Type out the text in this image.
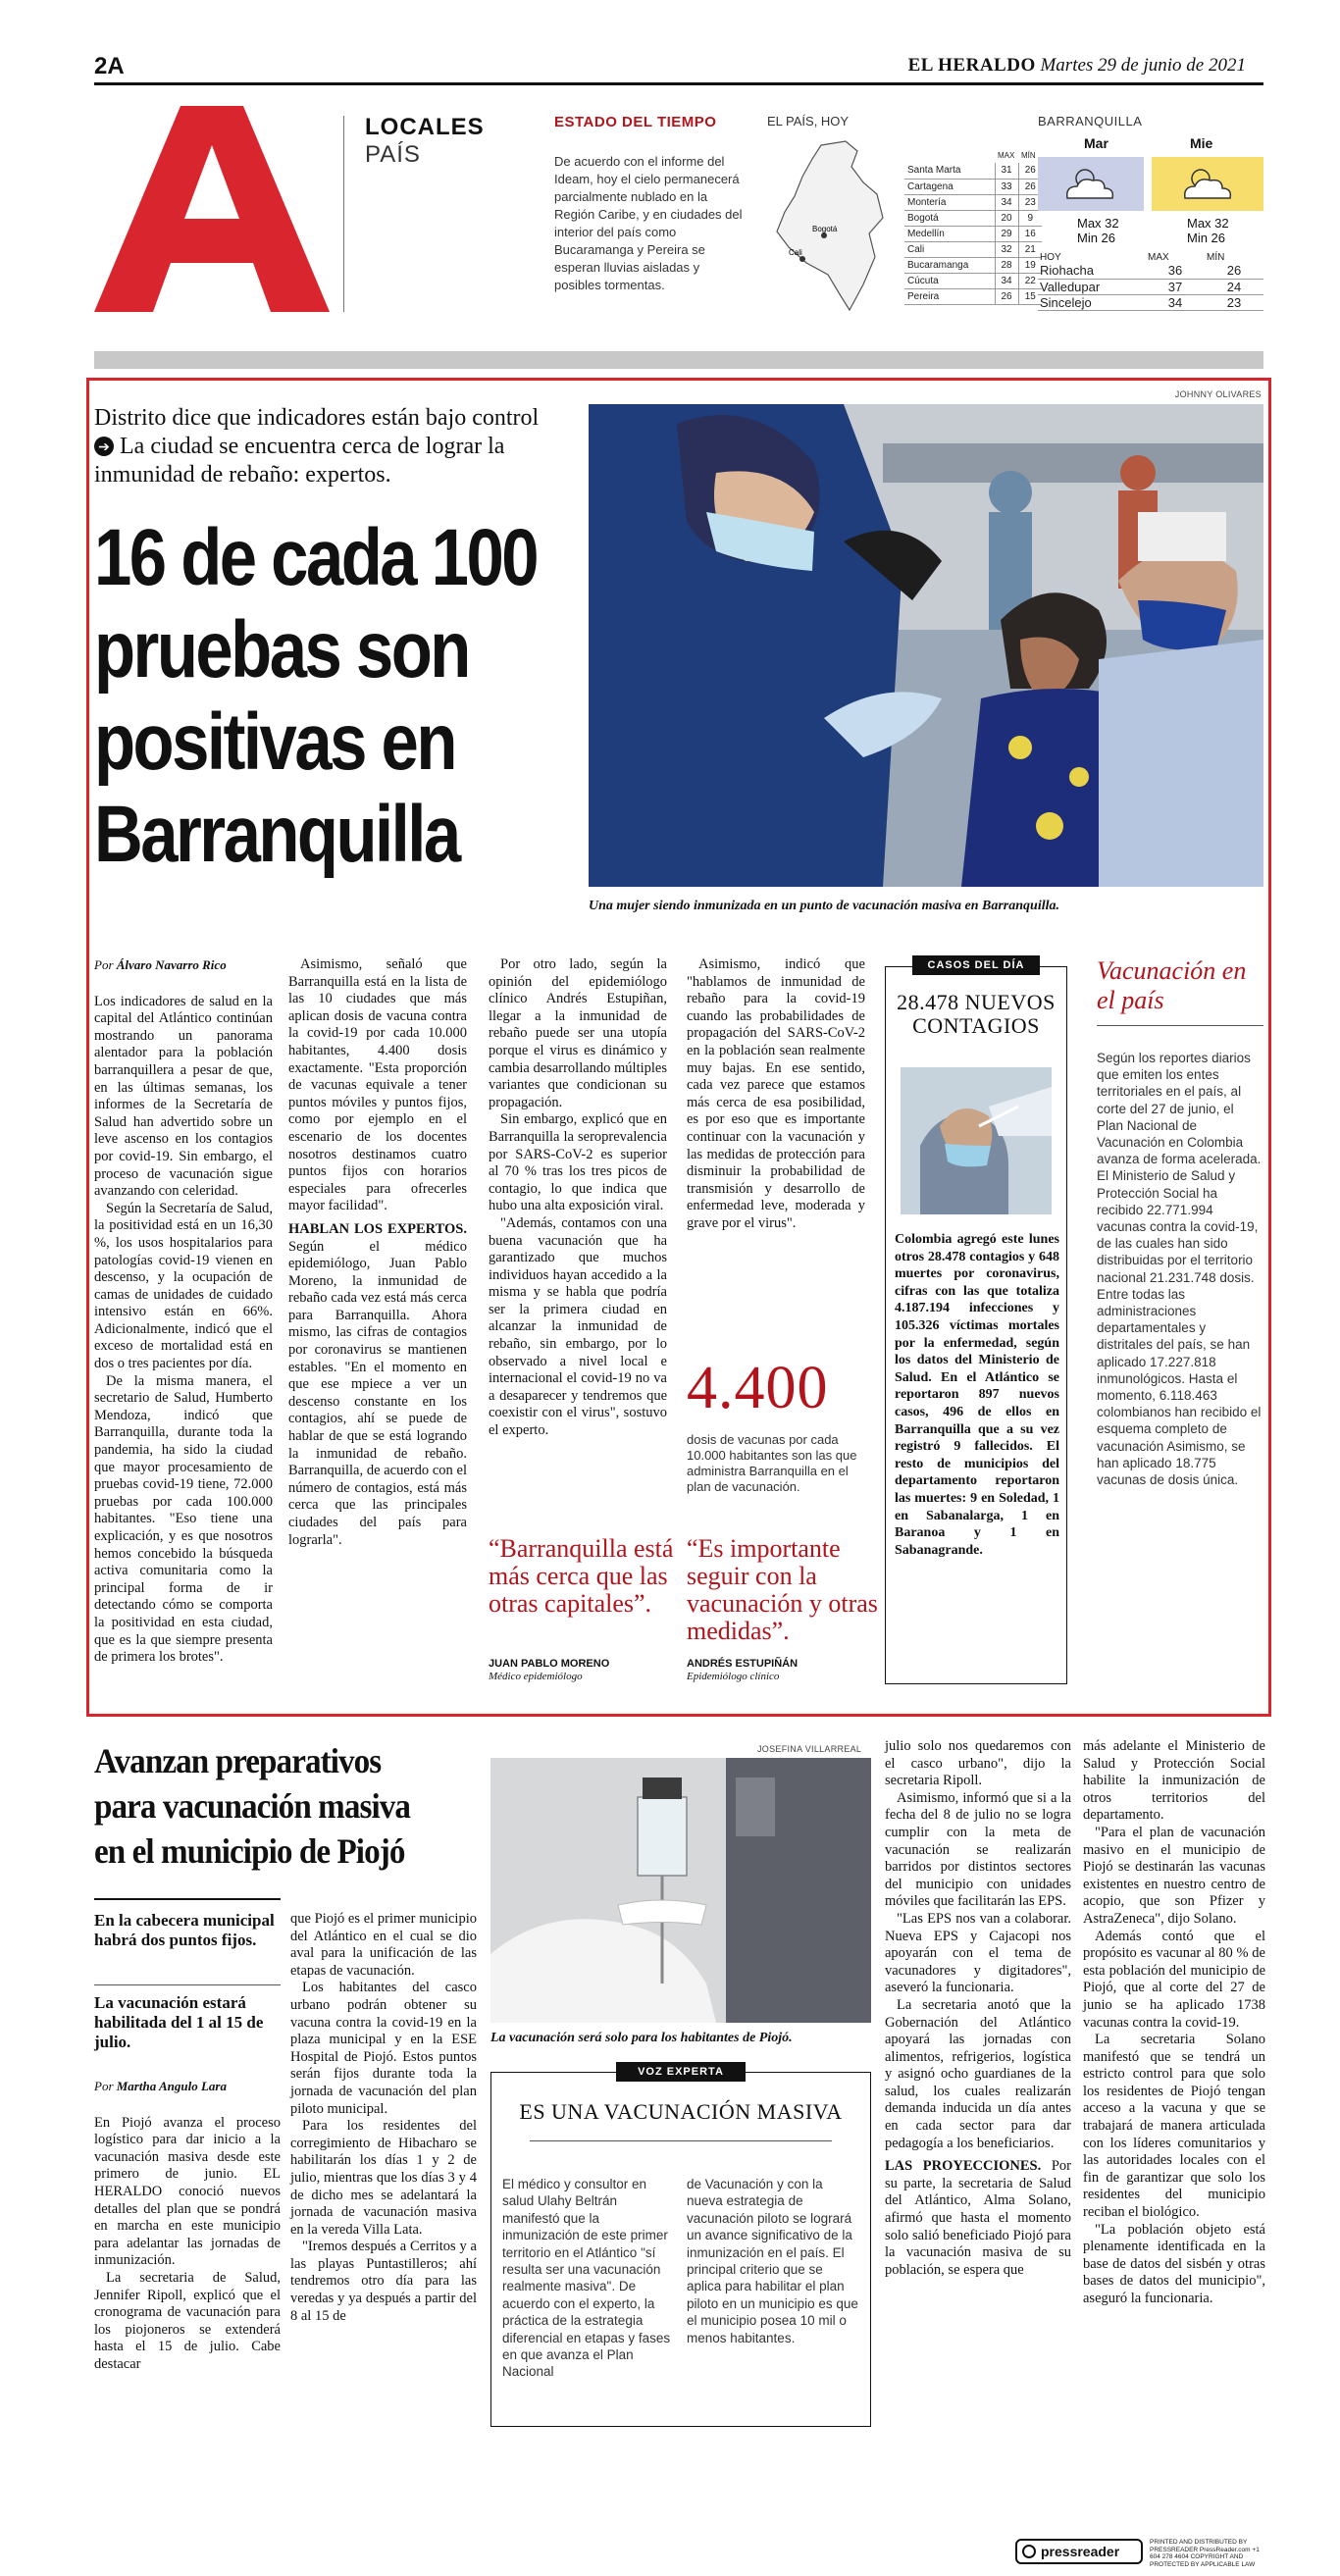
2A	EL HERALDO Martes 29 de junio de 2021
LOCALES
PAÍS
ESTADO DEL TIEMPO
De acuerdo con el informe del Ideam, hoy el cielo permanecerá parcialmente nublado en la Región Caribe, y en ciudades del interior del país como Bucaramanga y Pereira se esperan lluvias aisladas y posibles tormentas.
EL PAÍS, HOY
Bogotá
Cali
	MAX	MÍN
Santa Marta	31	26
Cartagena	33	26
Montería	34	23
Bogotá	20	9
Medellín	29	16
Cali	32	21
Bucaramanga	28	19
Cúcuta	34	22
Pereira	26	15
BARRANQUILLA
Mar	Mie
Max 32
Min 26
Max 32
Min 26
HOY	MAX	MÍN
Riohacha	36	26
Valledupar	37	24
Sincelejo	34	23
JOHNNY OLIVARES
Distrito dice que indicadores están bajo control ➔ La ciudad se encuentra cerca de lograr la inmunidad de rebaño: expertos.
16 de cada 100
pruebas son
positivas en
Barranquilla
Una mujer siendo inmunizada en un punto de vacunación masiva en Barranquilla.
Por Álvaro Navarro Rico

Los indicadores de salud en la capital del Atlántico continúan mostrando un panorama alentador para la población barranquillera a pesar de que, en las últimas semanas, los informes de la Secretaría de Salud han advertido sobre un leve ascenso en los contagios por covid-19. Sin embargo, el proceso de vacunación sigue avanzando con celeridad.

Según la Secretaría de Salud, la positividad está en un 16,30 %, los usos hospitalarios para patologías covid-19 vienen en descenso, y la ocupación de camas de unidades de cuidado intensivo están en 66%. Adicionalmente, indicó que el exceso de mortalidad está en dos o tres pacientes por día.

De la misma manera, el secretario de Salud, Humberto Mendoza, indicó que Barranquilla, durante toda la pandemia, ha sido la ciudad que mayor procesamiento de pruebas covid-19 tiene, 72.000 pruebas por cada 100.000 habitantes. "Eso tiene una explicación, y es que nosotros hemos concebido la búsqueda activa comunitaria como la principal forma de ir detectando cómo se comporta la positividad en esta ciudad, que es la que siempre presenta de primera los brotes".

Asimismo, señaló que Barranquilla está en la lista de las 10 ciudades que más aplican dosis de vacuna contra la covid-19 por cada 10.000 habitantes, 4.400 dosis exactamente. "Esta proporción de vacunas equivale a tener puntos móviles y puntos fijos, como por ejemplo en el escenario de los docentes nosotros destinamos cuatro puntos fijos con horarios especiales para ofrecerles mayor facilidad".

HABLAN LOS EXPERTOS. Según el médico epidemiólogo, Juan Pablo Moreno, la inmunidad de rebaño cada vez está más cerca para Barranquilla. Ahora mismo, las cifras de contagios por coronavirus se mantienen estables. "En el momento en que ese mpiece a ver un descenso constante en los contagios, ahí se puede de hablar de que se está logrando la inmunidad de rebaño. Barranquilla, de acuerdo con el número de contagios, está más cerca que las principales ciudades del país para lograrla".

Por otro lado, según la opinión del epidemiólogo clínico Andrés Estupiñan, llegar a la inmunidad de rebaño puede ser una utopía porque el virus es dinámico y cambia desarrollando múltiples variantes que condicionan su propagación.

Sin embargo, explicó que en Barranquilla la seroprevalencia por SARS-CoV-2 es superior al 70 % tras los tres picos de contagio, lo que indica que hubo una alta exposición viral.

"Además, contamos con una buena vacunación que ha garantizado que muchos individuos hayan accedido a la misma y se habla que podría ser la primera ciudad en alcanzar la inmunidad de rebaño, sin embargo, por lo observado a nivel local e internacional el covid-19 no va a desaparecer y tendremos que coexistir con el virus", sostuvo el experto.

Asimismo, indicó que "hablamos de inmunidad de rebaño para la covid-19 cuando las probabilidades de propagación del SARS-CoV-2 en la población sean realmente muy bajas. En ese sentido, cada vez parece que estamos más cerca de esa posibilidad, es por eso que es importante continuar con la vacunación y las medidas de protección para disminuir la probabilidad de transmisión y desarrollo de enfermedad leve, moderada y grave por el virus".

4.400
dosis de vacunas por cada 10.000 habitantes son las que administra Barranquilla en el plan de vacunación.
“Barranquilla está más cerca que las otras capitales”.
JUAN PABLO MORENO
Médico epidemiólogo
“Es importante seguir con la vacunación y otras medidas”.
ANDRÉS ESTUPIÑÁN
Epidemiólogo clínico
CASOS DEL DÍA
28.478 NUEVOS CONTAGIOS
Colombia agregó este lunes otros 28.478 contagios y 648 muertes por coronavirus, cifras con las que totaliza 4.187.194 infecciones y 105.326 víctimas mortales por la enfermedad, según los datos del Ministerio de Salud. En el Atlántico se reportaron 897 nuevos casos, 496 de ellos en Barranquilla que a su vez registró 9 fallecidos. El resto de municipios del departamento reportaron las muertes: 9 en Soledad, 1 en Sabanalarga, 1 en Baranoa y 1 en Sabanagrande.
Vacunación en el país
Según los reportes diarios que emiten los entes territoriales en el país, al corte del 27 de junio, el Plan Nacional de Vacunación en Colombia avanza de forma acelerada. El Ministerio de Salud y Protección Social ha recibido 22.771.994 vacunas contra la covid-19, de las cuales han sido distribuidas por el territorio nacional 21.231.748 dosis. Entre todas las administraciones departamentales y distritales del país, se han aplicado 17.227.818 inmunológicos. Hasta el momento, 6.118.463 colombianos han recibido el esquema completo de vacunación Asimismo, se han aplicado 18.775 vacunas de dosis única.
Avanzan preparativos
para vacunación masiva
en el municipio de Piojó
En la cabecera municipal habrá dos puntos fijos.
La vacunación estará habilitada del 1 al 15 de julio.
Por Martha Angulo Lara

En Piojó avanza el proceso logístico para dar inicio a la vacunación masiva desde este primero de junio. EL HERALDO conoció nuevos detalles del plan que se pondrá en marcha en este municipio para adelantar las jornadas de inmunización.

La secretaria de Salud, Jennifer Ripoll, explicó que el cronograma de vacunación para los piojoneros se extenderá hasta el 15 de julio. Cabe destacar

que Piojó es el primer municipio del Atlántico en el cual se dio aval para la unificación de las etapas de vacunación.

Los habitantes del casco urbano podrán obtener su vacuna contra la covid-19 en la plaza municipal y en la ESE Hospital de Piojó. Estos puntos serán fijos durante toda la jornada de vacunación del plan piloto municipal.

Para los residentes del corregimiento de Hibacharo se habilitarán los días 1 y 2 de julio, mientras que los días 3 y 4 de dicho mes se adelantará la jornada de vacunación masiva en la vereda Villa Lata.

"Iremos después a Cerritos y a las playas Puntastilleros; ahí tendremos otro día para las veredas y ya después a partir del 8 al 15 de

JOSEFINA VILLARREAL
La vacunación será solo para los habitantes de Piojó.
VOZ EXPERTA
ES UNA VACUNACIÓN MASIVA
El médico y consultor en salud Ulahy Beltrán manifestó que la inmunización de este primer territorio en el Atlántico "sí resulta ser una vacunación realmente masiva". De acuerdo con el experto, la práctica de la estrategia diferencial en etapas y fases en que avanza el Plan Nacional
de Vacunación y con la nueva estrategia de vacunación piloto se logrará un avance significativo de la inmunización en el país. El principal criterio que se aplica para habilitar el plan piloto en un municipio es que el municipio posea 10 mil o menos habitantes.

julio solo nos quedaremos con el casco urbano", dijo la secretaria Ripoll.

Asimismo, informó que si a la fecha del 8 de julio no se logra cumplir con la meta de vacunación se realizarán barridos por distintos sectores del municipio con unidades móviles que facilitarán las EPS.

"Las EPS nos van a colaborar. Nueva EPS y Cajacopi nos apoyarán con el tema de vacunadores y digitadores", aseveró la funcionaria.

La secretaria anotó que la Gobernación del Atlántico apoyará las jornadas con alimentos, refrigerios, logística y asignó ocho guardianes de la salud, los cuales realizarán demanda inducida un día antes en cada sector para dar pedagogía a los beneficiarios.

LAS PROYECCIONES. Por su parte, la secretaria de Salud del Atlántico, Alma Solano, afirmó que hasta el momento solo salió beneficiado Piojó para la vacunación masiva de su población, se espera que

más adelante el Ministerio de Salud y Protección Social habilite la inmunización de otros territorios del departamento.

"Para el plan de vacunación masivo en el municipio de Piojó se destinarán las vacunas existentes en nuestro centro de acopio, que son Pfizer y AstraZeneca", dijo Solano.

Además contó que el propósito es vacunar al 80 % de esta población del municipio de Piojó, que al corte del 27 de junio se ha aplicado 1738 vacunas contra la covid-19.

La secretaria Solano manifestó que se tendrá un estricto control para que solo los residentes de Piojó tengan acceso a la vacuna y que se trabajará de manera articulada con los líderes comunitarios y las autoridades locales con el fin de garantizar que solo los residentes del municipio reciban el biológico.

"La población objeto está plenamente identificada en la base de datos del sisbén y otras bases de datos del municipio", aseguró la funcionaria.

pressreader
PRINTED AND DISTRIBUTED BY PRESSREADER PressReader.com +1 604 278 4604 COPYRIGHT AND PROTECTED BY APPLICABLE LAW
